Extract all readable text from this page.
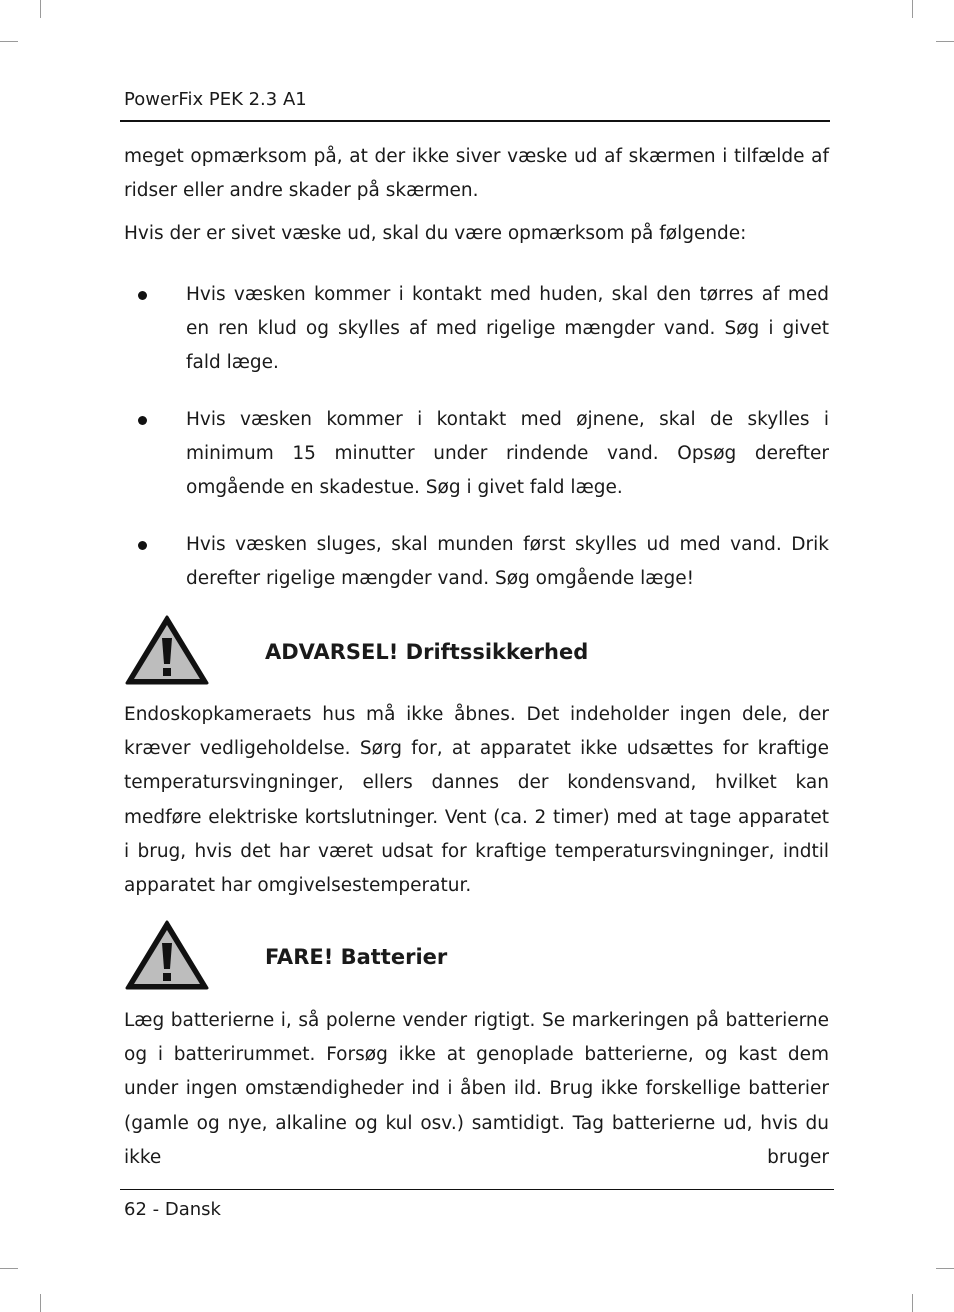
PowerFix PEK 2.3 A1

meget opmærksom på, at der ikke siver væske ud af skærmen i tilfælde af ridser eller andre skader på skærmen.

Hvis der er sivet væske ud, skal du være opmærksom på følgende:

Hvis væsken kommer i kontakt med huden, skal den tørres af med en ren klud og skylles af med rigelige mængder vand. Søg i givet fald læge.

Hvis væsken kommer i kontakt med øjnene, skal de skylles i minimum 15 minutter under rindende vand. Opsøg derefter omgående en skadestue. Søg i givet fald læge.

Hvis væsken sluges, skal munden først skylles ud med vand. Drik derefter rigelige mængder vand. Søg omgående læge!

ADVARSEL! Driftssikkerhed

Endoskopkameraets hus må ikke åbnes. Det indeholder ingen dele, der kræver vedligeholdelse. Sørg for, at apparatet ikke udsættes for kraftige temperatursvingninger, ellers dannes der kondensvand, hvilket kan medføre elektriske kortslutninger. Vent (ca. 2 timer) med at tage apparatet i brug, hvis det har været udsat for kraftige temperatursvingninger, indtil apparatet har omgivelsestemperatur.

FARE! Batterier

Læg batterierne i, så polerne vender rigtigt. Se markeringen på batterierne og i batterirummet. Forsøg ikke at genoplade batterierne, og kast dem under ingen omstændigheder ind i åben ild. Brug ikke forskellige batterier (gamle og nye, alkaline og kul osv.) samtidigt. Tag batterierne ud, hvis du ikke bruger

62 - Dansk
